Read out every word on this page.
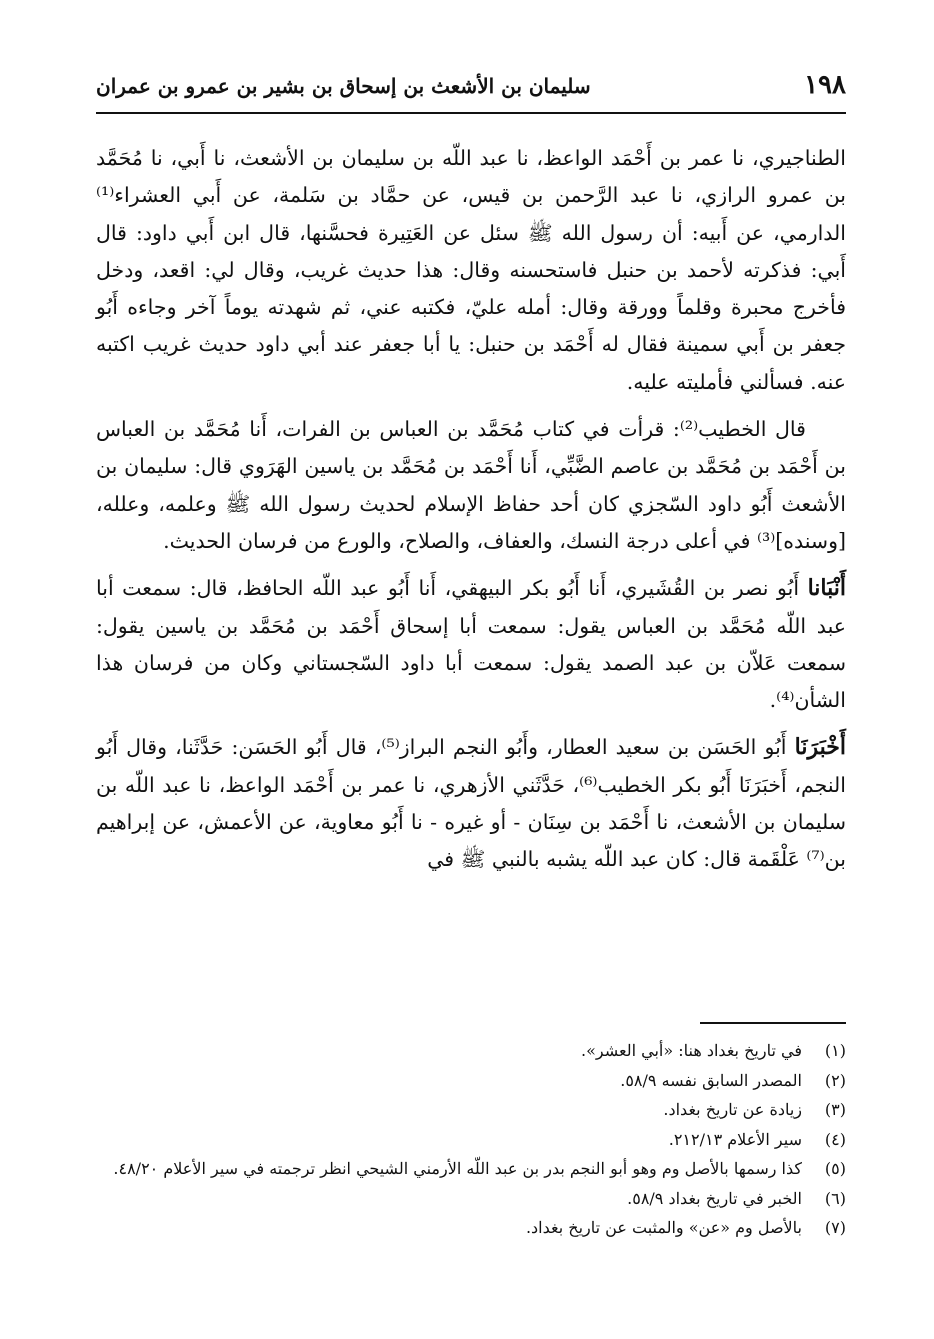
١٩٨
سليمان بن الأشعث بن إسحاق بن بشير بن عمرو بن عمران

الطناجيري، نا عمر بن أَحْمَد الواعظ، نا عبد اللّه بن سليمان بن الأشعث، نا أَبي، نا مُحَمَّد بن عمرو الرازي، نا عبد الرَّحمن بن قيس، عن حمَّاد بن سَلمة، عن أَبي العشراء⁽¹⁾ الدارمي، عن أَبيه: أن رسول الله ﷺ سئل عن العَتِيرة فحسَّنها، قال ابن أَبي داود: قال أَبي: فذكرته لأحمد بن حنبل فاستحسنه وقال: هذا حديث غريب، وقال لي: اقعد، ودخل فأخرج محبرة وقلماً وورقة وقال: أمله عليّ، فكتبه عني، ثم شهدته يوماً آخر وجاءه أَبُو جعفر بن أَبي سمينة فقال له أَحْمَد بن حنبل: يا أبا جعفر عند أبي داود حديث غريب اكتبه عنه. فسألني فأمليته عليه.

قال الخطيب⁽²⁾: قرأت في كتاب مُحَمَّد بن العباس بن الفرات، أَنا مُحَمَّد بن العباس بن أَحْمَد بن مُحَمَّد بن عاصم الضَّبِّي، أَنا أَحْمَد بن مُحَمَّد بن ياسين الهَرَوي قال: سليمان بن الأشعث أَبُو داود السّجزي كان أحد حفاظ الإسلام لحديث رسول الله ﷺ وعلمه، وعلله، [وسنده]⁽³⁾ في أعلى درجة النسك، والعفاف، والصلاح، والورع من فرسان الحديث.

أَنْبَانا أَبُو نصر بن القُشَيري، أَنا أَبُو بكر البيهقي، أَنا أَبُو عبد اللّه الحافظ، قال: سمعت أبا عبد اللّه مُحَمَّد بن العباس يقول: سمعت أبا إسحاق أَحْمَد بن مُحَمَّد بن ياسين يقول: سمعت عَلاّن بن عبد الصمد يقول: سمعت أبا داود السّجستاني وكان من فرسان هذا الشأن⁽⁴⁾.

أَخْبَرَنَا أَبُو الحَسَن بن سعيد العطار، وأَبُو النجم البراز⁽⁵⁾، قال أَبُو الحَسَن: حَدَّثَنا، وقال أَبُو النجم، أَخبَرَنَا أَبُو بكر الخطيب⁽⁶⁾، حَدَّثَني الأزهري، نا عمر بن أَحْمَد الواعظ، نا عبد اللّه بن سليمان بن الأشعث، نا أَحْمَد بن سِنَان - أو غيره - نا أَبُو معاوية، عن الأعمش، عن إبراهيم بن⁽⁷⁾ عَلْقَمة قال: كان عبد اللّه يشبه بالنبي ﷺ في

(١)
في تاريخ بغداد هنا: «أبي العشر».
(٢)
المصدر السابق نفسه ٥٨/٩.
(٣)
زيادة عن تاريخ بغداد.
(٤)
سير الأعلام ٢١٢/١٣.
(٥)
كذا رسمها بالأصل وم وهو أبو النجم بدر بن عبد اللّه الأرمني الشيحي انظر ترجمته في سير الأعلام ٤٨/٢٠.
(٦)
الخبر في تاريخ بغداد ٥٨/٩.
(٧)
بالأصل وم «عن» والمثبت عن تاريخ بغداد.
